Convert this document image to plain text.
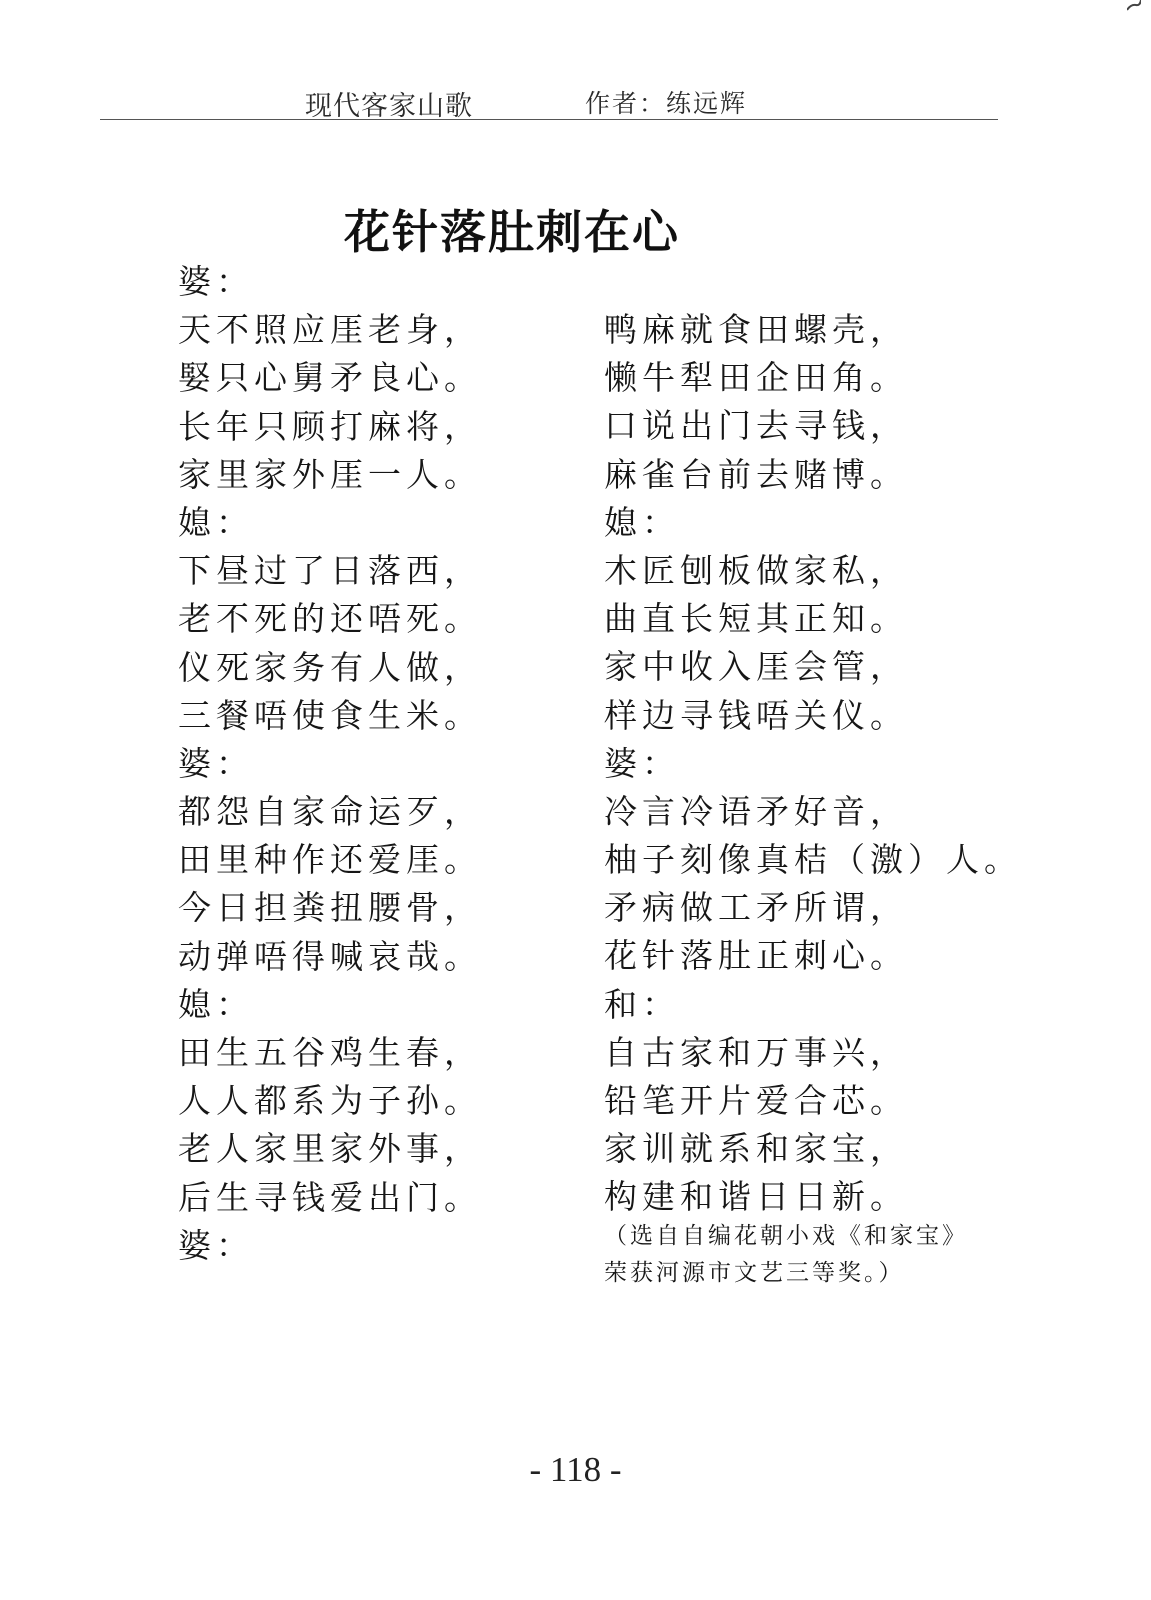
现代客家山歌	作者：练远辉
花针落肚刺在心
婆：
天不照应厓老身，
婜只心舅矛良心。
长年只顾打麻将，
家里家外厓一人。
媳：
下昼过了日落西，
老不死的还唔死。
仪死家务有人做，
三餐唔使食生米。
婆：
都怨自家命运歹，
田里种作还爱厓。
今日担粪扭腰骨，
动弹唔得喊哀哉。
媳：
田生五谷鸡生春，
人人都系为子孙。
老人家里家外事，
后生寻钱爱出门。
婆：
鸭麻就食田螺壳，
懒牛犁田企田角。
口说出门去寻钱，
麻雀台前去赌博。
媳：
木匠刨板做家私，
曲直长短其正知。
家中收入厓会管，
样边寻钱唔关仪。
婆：
冷言冷语矛好音，
柚子刻像真桔（激）人。
矛病做工矛所谓，
花针落肚正刺心。
和：
自古家和万事兴，
铅笔开片爱合芯。
家训就系和家宝，
构建和谐日日新。
（选自自编花朝小戏《和家宝》
荣获河源市文艺三等奖。）
- 118 -
